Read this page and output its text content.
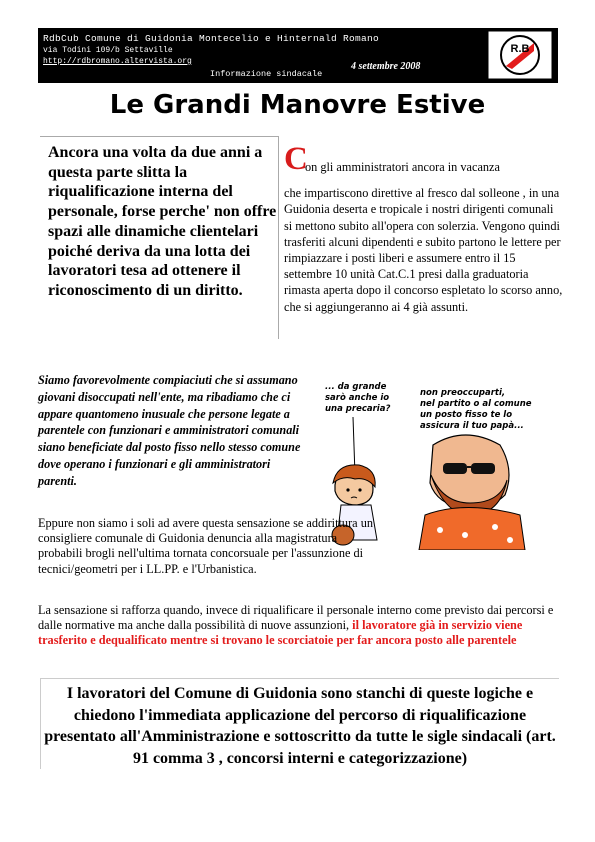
RdbCub Comune di Guidonia Montecelio e Hinternald Romano
via Todini 109/b Settaville
http://rdbromano.altervista.org
Informazione sindacale
4 settembre 2008
R.B
Le Grandi Manovre Estive

Ancora una volta da due anni a questa parte slitta la riqualificazione interna del personale, forse perche' non offre spazi alle dinamiche clientelari poiché deriva da una lotta dei lavoratori tesa ad ottenere il riconoscimento di un diritto.

C

on gli amministratori ancora in vacanza

che impartiscono direttive al fresco dal solleone , in una Guidonia deserta e tropicale i nostri dirigenti comunali si mettono subito all'opera con solerzia. Vengono quindi trasferiti alcuni dipendenti e subito partono le lettere per rimpiazzare i posti liberi e assumere entro il 15 settembre 10 unità Cat.C.1 presi dalla graduatoria rimasta aperta dopo il concorso espletato lo scorso anno, che si aggiungeranno ai 4 già assunti.

Siamo favorevolmente compiaciuti che si assumano giovani disoccupati nell'ente, ma ribadiamo che ci appare quantomeno inusuale che persone legate a parentele con funzionari e amministratori comunali siano beneficiate dal posto fisso nello stesso comune dove operano i funzionari e gli amministratori parenti.

... da grande sarò anche io una precaria?
non preoccuparti, nel partito o al comune un posto fisso te lo assicura il tuo papà...

Eppure non siamo i soli ad avere questa sensazione se addirittura un consigliere comunale di Guidonia denuncia alla magistratura probabili brogli nell'ultima tornata concorsuale per l'assunzione di tecnici/geometri per i LL.PP. e l'Urbanistica.

La sensazione si rafforza quando, invece di riqualificare il personale interno come previsto dai percorsi e dalle normative ma anche dalla possibilità di nuove assunzioni, il lavoratore già in servizio viene trasferito e dequalificato mentre si trovano le scorciatoie per far ancora posto alle parentele

I lavoratori del Comune di Guidonia sono stanchi di queste logiche e chiedono l'immediata applicazione del percorso di riqualificazione presentato all'Amministrazione e sottoscritto da tutte le sigle sindacali (art. 91 comma 3 , concorsi interni e categorizzazione)
